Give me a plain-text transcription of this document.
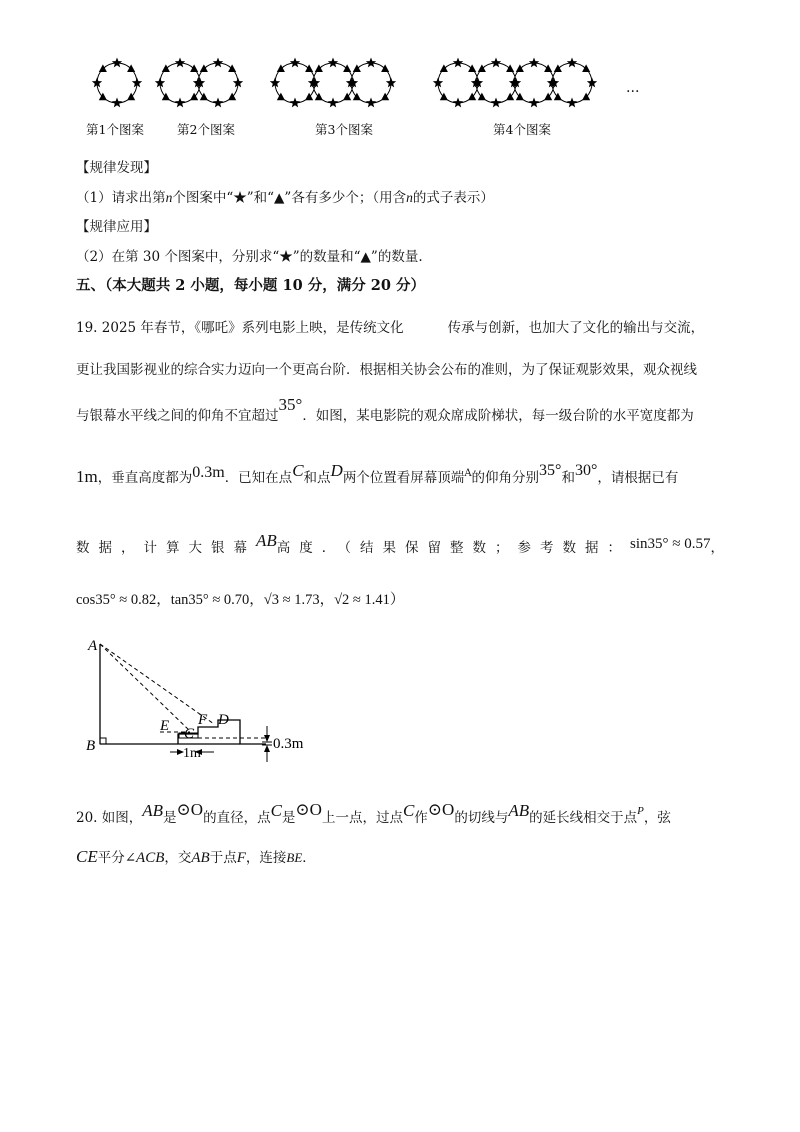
…
第1个图案	第2个图案	第3个图案	第4个图案
【规律发现】
（1）请求出第n个图案中“★”和“▲”各有多少个；（用含n的式子表示）
【规律应用】
（2）在第 30 个图案中，分别求“★”的数量和“▲”的数量.
五、（本大题共 2 小题，每小题 10 分，满分 20 分）
19. 2025 年春节，《哪吒》系列电影上映，是传统文化	传承与创新，也加大了文化的输出与交流，
更让我国影视业的综合实力迈向一个更高台阶．根据相关协会公布的准则，为了保证观影效果，观众视线
与银幕水平线之间的仰角不宜超过35°．如图，某电影院的观众席成阶梯状，每一级台阶的水平宽度都为
1m，垂直高度都为0.3m．已知在点C和点D两个位置看屏幕顶端$^A$的仰角分别35°和30°，请根据已有
数据，计算大银幕AB高度．（结果保留整数；参考数据：sin35° ≈ 0.57，
cos35° ≈ 0.82，tan35° ≈ 0.70，√3 ≈ 1.73，√2 ≈ 1.41）
A
B
E F D
C
1m
0.3m
20. 如图，AB是⊙O的直径，点C是⊙O上一点，过点C作⊙O的切线与AB的延长线相交于点$^P$，弦
CE平分∠ACB，交AB于点F，连接BE．
